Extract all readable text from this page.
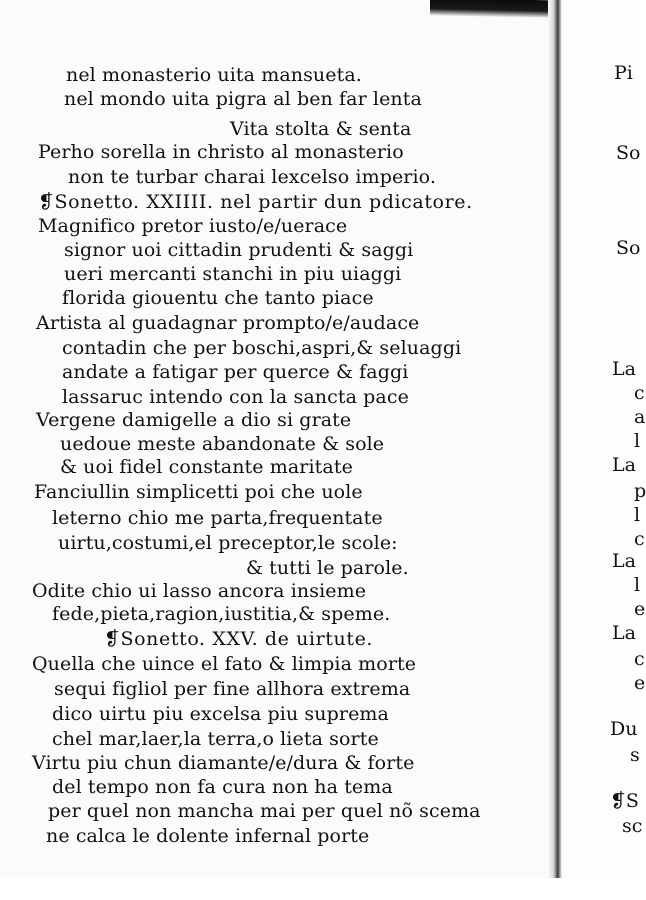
nel monasterio uita mansueta.
nel mondo uita pigra al ben far lenta
Vita stolta & senta
Perho sorella in christo al monasterio
non te turbar charai lexcelso imperio.
❡Sonetto. XXIIII. nel partir dun pdicatore.
Magnifico pretor iusto/e/uerace
signor uoi cittadin prudenti & saggi
ueri mercanti stanchi in piu uiaggi
florida giouentu che tanto piace
Artista al guadagnar prompto/e/audace
contadin che per boschi,aspri,& seluaggi
andate a fatigar per querce & faggi
lassaruc intendo con la sancta pace
Vergene damigelle a dio si grate
uedoue meste abandonate & sole
& uoi fidel constante maritate
Fanciullin simplicetti poi che uole
leterno chio me parta,frequentate
uirtu,costumi,el preceptor,le scole:
& tutti le parole.
Odite chio ui lasso ancora insieme
fede,pieta,ragion,iustitia,& speme.
❡Sonetto. XXV. de uirtute.
Quella che uince el fato & limpia morte
sequi figliol per fine allhora extrema
dico uirtu piu excelsa piu suprema
chel mar,laer,la terra,o lieta sorte
Virtu piu chun diamante/e/dura & forte
del tempo non fa cura non ha tema
per quel non mancha mai per quel nõ scema
ne calca le dolente infernal porte
Pi
So
So
La
c
a
l
La
p
l
c
La
l
e
La
c
e
Du
s
❡S
sc
